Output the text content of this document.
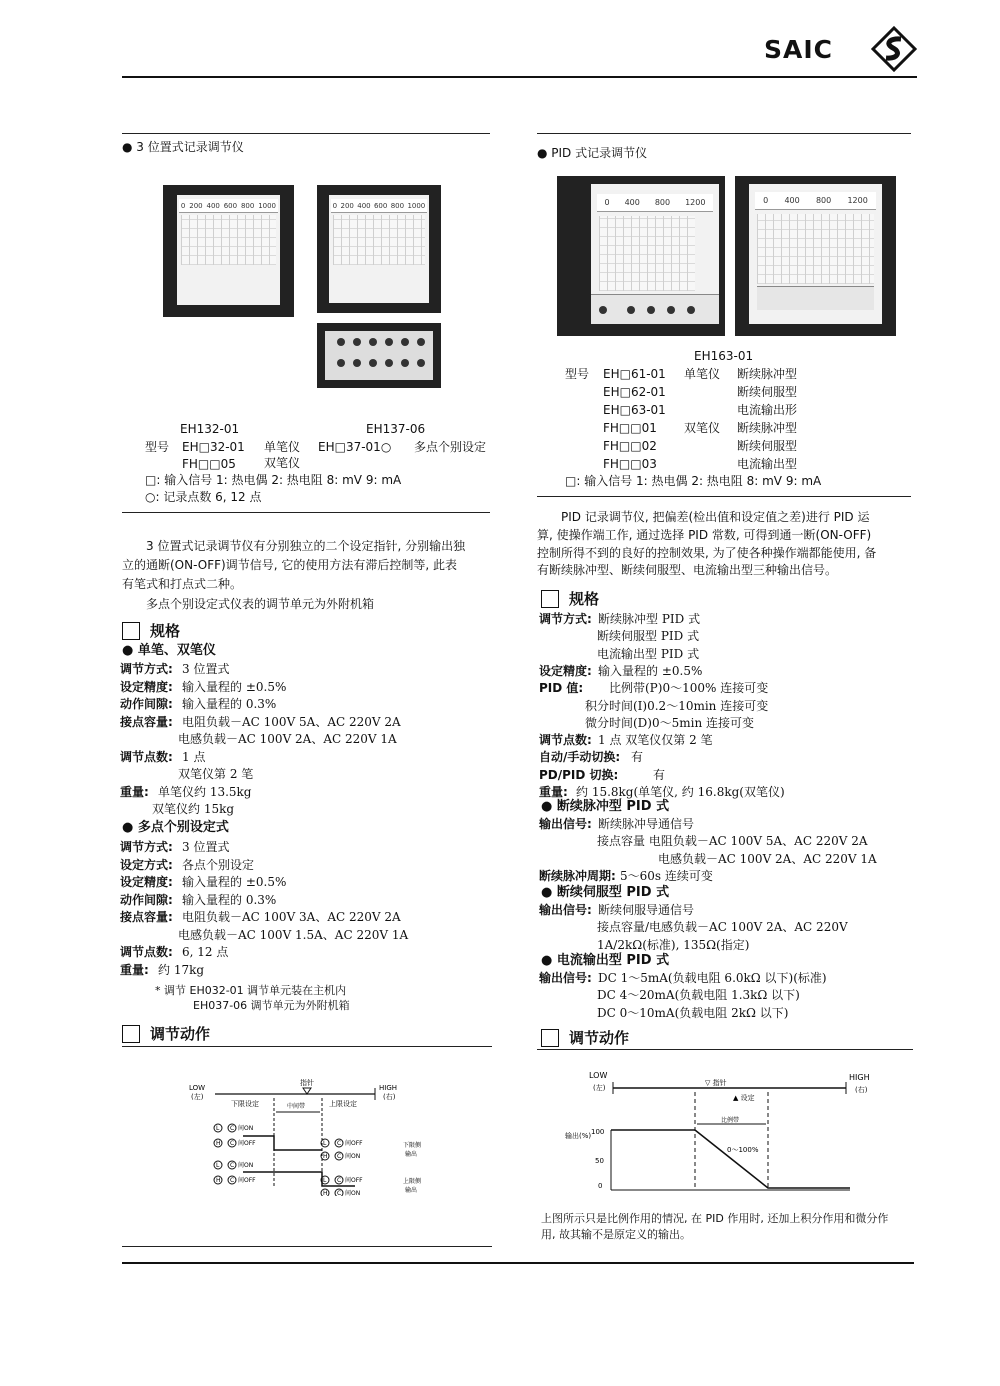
SAIC
● 3 位置式记录调节仪
0 200 400 600 800 1000	0 200 400 600 800 1000
EH132-01	EH137-06
型号 EH□32-01 单笔仪 EH□37-01○ 多点个别设定
FH□□05 双笔仪
□: 输入信号 1: 热电偶 2: 热电阻 8: mV 9: mA
○: 记录点数 6, 12 点
3 位置式记录调节仪有分别独立的二个设定指针, 分别输出独
立的通断(ON-OFF)调节信号, 它的使用方法有滞后控制等, 此表
有笔式和打点式二种。
多点个别设定式仪表的调节单元为外附机箱
规格
● 单笔、双笔仪
调节方式: 3 位置式
设定精度: 输入量程的 ±0.5%
动作间隙: 输入量程的 0.3%
接点容量: 电阻负载－AC 100V 5A、AC 220V 2A
电感负载－AC 100V 2A、AC 220V 1A
调节点数: 1 点
双笔仪第 2 笔
重量: 单笔仪约 13.5kg
双笔仪约 15kg
● 多点个别设定式
调节方式: 3 位置式
设定方式: 各点个别设定
设定精度: 输入量程的 ±0.5%
动作间隙: 输入量程的 0.3%
接点容量: 电阻负载－AC 100V 3A、AC 220V 2A
电感负载－AC 100V 1.5A、AC 220V 1A
调节点数: 6, 12 点
重量: 约 17kg
* 调节 EH032-01 调节单元装在主机内
EH037-06 调节单元为外附机箱
调节动作
LOW
(左)
HIGH
(右)
指针
下限设定	上限设定
中间带
L C 间ON
H C 间OFF
L C 间ON
H C 间OFF
L C 间OFF
H C 间ON
L C 间OFF
H C 间ON
下限侧
输出
上限侧
输出
● PID 式记录调节仪
0 400 800 1200	0 400 800 1200
EH163-01
型号 EH□61-01 单笔仪 断续脉冲型
EH□62-01	断续伺服型
EH□63-01	电流输出形
FH□□01 双笔仪 断续脉冲型
FH□□02	断续伺服型
FH□□03	电流输出型
□: 输入信号 1: 热电偶 2: 热电阻 8: mV 9: mA
PID 记录调节仪, 把偏差(检出值和设定值之差)进行 PID 运
算, 使操作端工作, 通过选择 PID 常数, 可得到通一断(ON-OFF)
控制所得不到的良好的控制效果, 为了使各种操作端都能使用, 备
有断续脉冲型、断续伺服型、电流输出型三种输出信号。
规格
调节方式: 断续脉冲型 PID 式
断续伺服型 PID 式
电流输出型 PID 式
设定精度: 输入量程的 ±0.5%
PID 值: 比例带(P)0～100% 连接可变
积分时间(I)0.2～10min 连接可变
微分时间(D)0～5min 连接可变
调节点数: 1 点 双笔仪仅第 2 笔
自动/手动切换: 有
PD/PID 切换:	有
重量: 约 15.8kg(单笔仪, 约 16.8kg(双笔仪)
● 断续脉冲型 PID 式
输出信号: 断续脉冲导通信号
接点容量 电阻负载－AC 100V 5A、AC 220V 2A
电感负载－AC 100V 2A、AC 220V 1A
断续脉冲周期: 5～60s 连续可变
● 断续伺服型 PID 式
输出信号: 断续伺服导通信号
接点容量/电感负载－AC 100V 2A、AC 220V
1A/2kΩ(标准), 135Ω(指定)
● 电流输出型 PID 式
输出信号: DC 1～5mA(负载电阻 6.0kΩ 以下)(标准)
DC 4～20mA(负载电阻 1.3kΩ 以下)
DC 0～10mA(负载电阻 2kΩ 以下)
调节动作
LOW
(左)
HIGH
(右)
▽ 指针
▲ 设定
比例带
输出(%) 100
50
0
0～100%
上图所示只是比例作用的情况, 在 PID 作用时, 还加上积分作用和微分作
用, 故其输不是原定义的输出。
